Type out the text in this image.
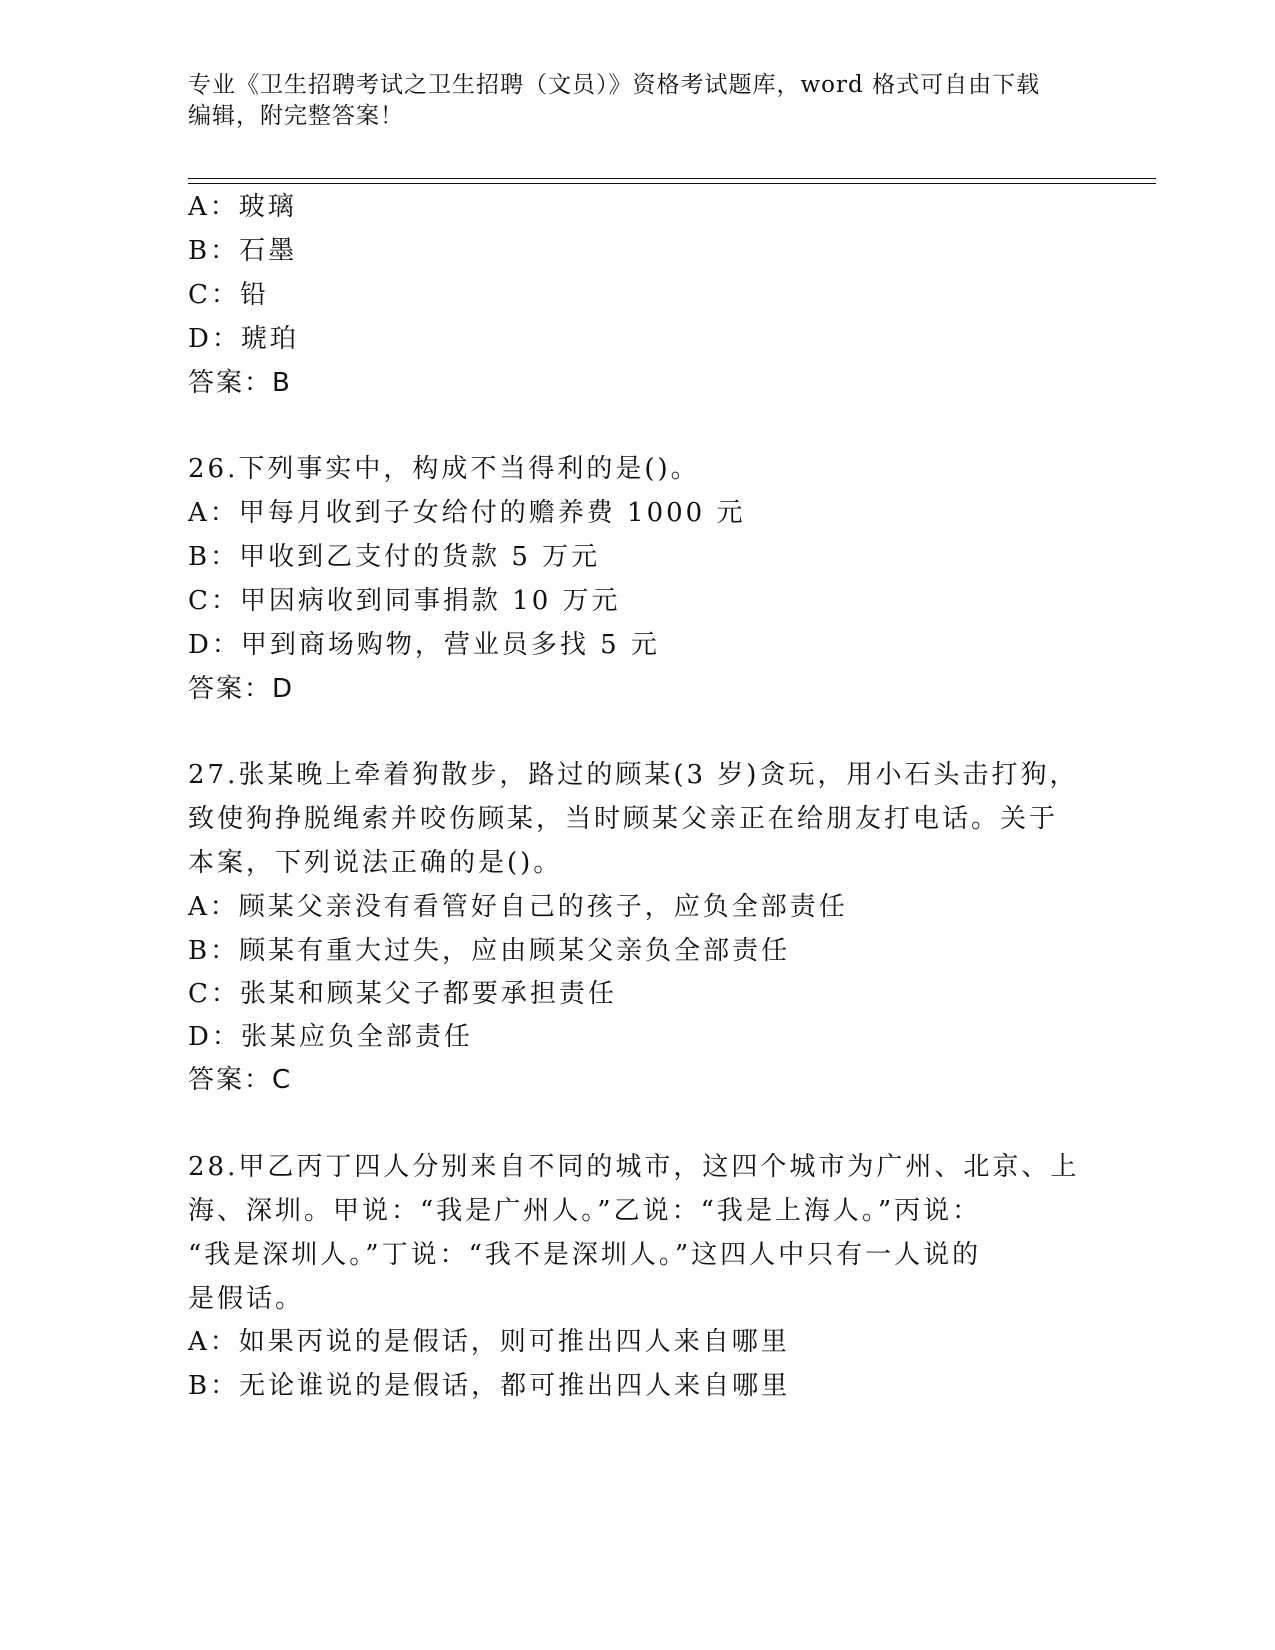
专业《卫生招聘考试之卫生招聘（文员）》资格考试题库，word 格式可自由下载
编辑，附完整答案！
A：玻璃
B：石墨
C：铅
D：琥珀
答案：B
26.下列事实中，构成不当得利的是()。
A：甲每月收到子女给付的赡养费 1000 元
B：甲收到乙支付的货款 5 万元
C：甲因病收到同事捐款 10 万元
D：甲到商场购物，营业员多找 5 元
答案：D
27.张某晚上牵着狗散步，路过的顾某(3 岁)贪玩，用小石头击打狗，
致使狗挣脱绳索并咬伤顾某，当时顾某父亲正在给朋友打电话。关于
本案，下列说法正确的是()。
A：顾某父亲没有看管好自己的孩子，应负全部责任
B：顾某有重大过失，应由顾某父亲负全部责任
C：张某和顾某父子都要承担责任
D：张某应负全部责任
答案：C
28.甲乙丙丁四人分别来自不同的城市，这四个城市为广州、北京、上
海、深圳。甲说：“我是广州人。”乙说：“我是上海人。”丙说：
“我是深圳人。”丁说：“我不是深圳人。”这四人中只有一人说的
是假话。
A：如果丙说的是假话，则可推出四人来自哪里
B：无论谁说的是假话，都可推出四人来自哪里
